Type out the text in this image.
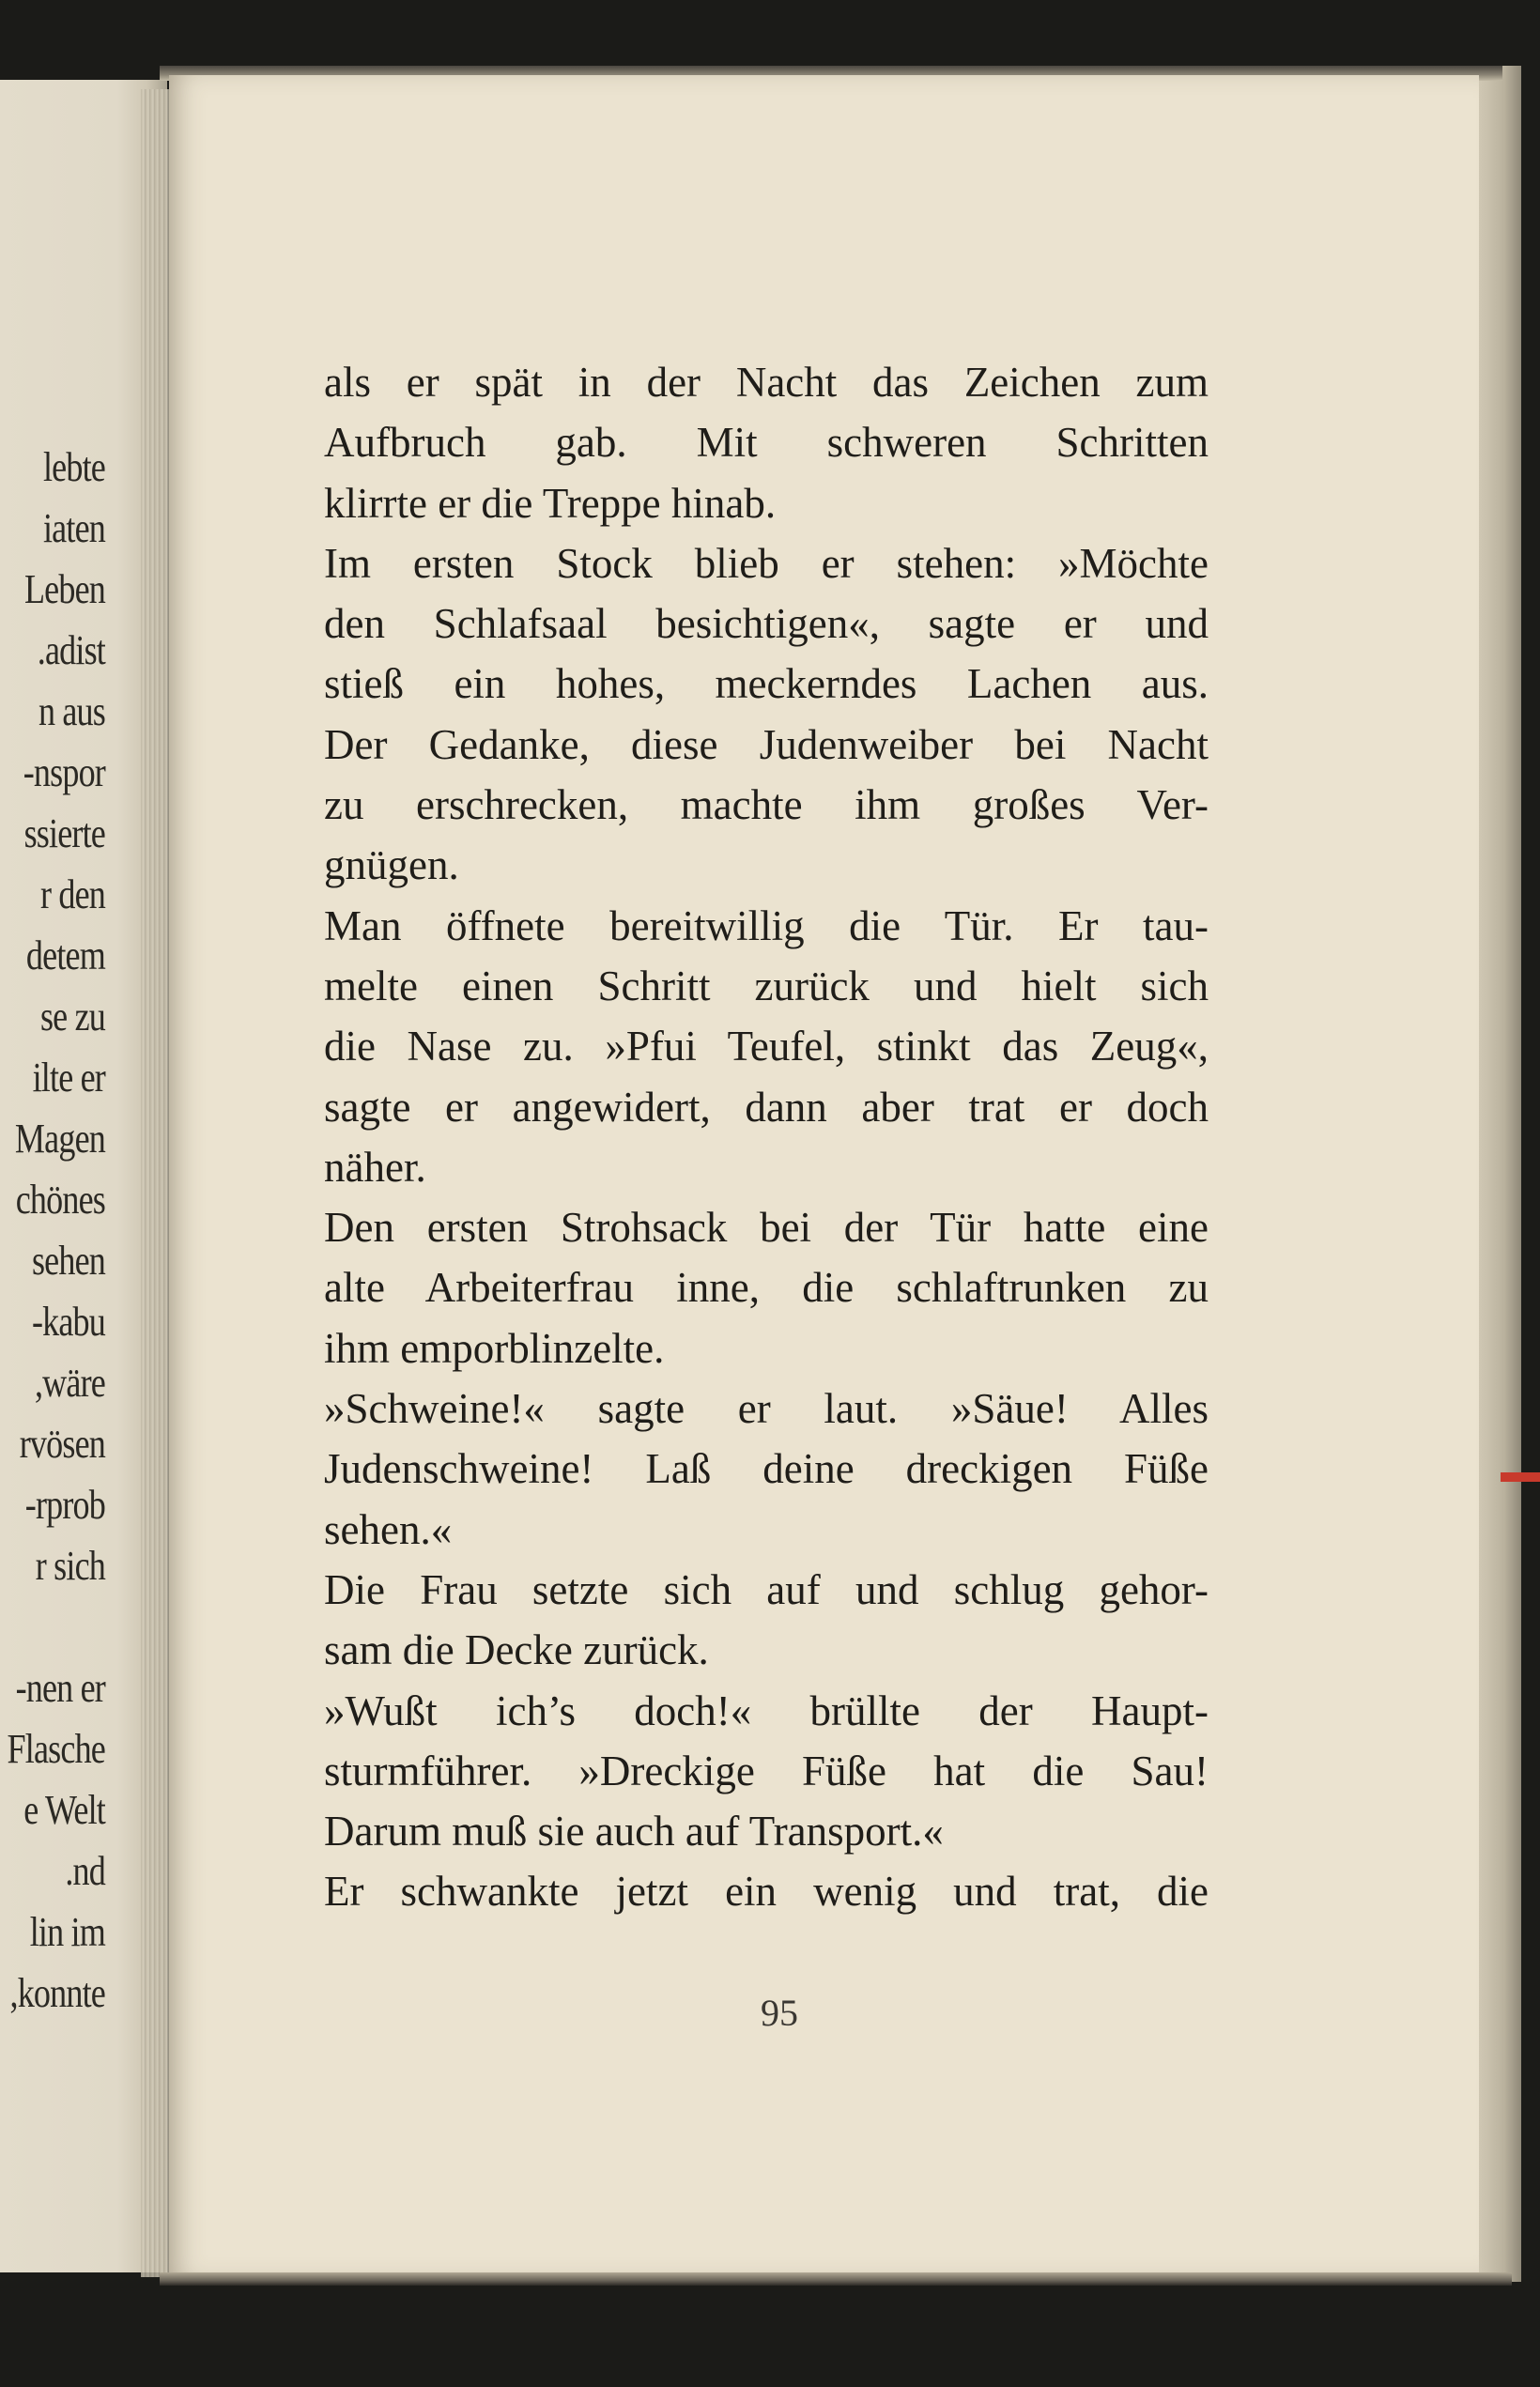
lebte
iaten
Leben
adist.
n aus
nspor-
ssierte
r den
detem
se zu
ilte er
Magen
chönes
sehen
kabu-
wäre,
rvösen
rprob-
r sich

nen er-
Flasche
e Welt
nd.
lin im
konnte,
als er spät in der Nacht das Zeichen zum
Aufbruch gab. Mit schweren Schritten
klirrte er die Treppe hinab.
Im ersten Stock blieb er stehen: »Möchte
den Schlafsaal besichtigen«, sagte er und
stieß ein hohes, meckerndes Lachen aus.
Der Gedanke, diese Judenweiber bei Nacht
zu erschrecken, machte ihm großes Ver-
gnügen.
Man öffnete bereitwillig die Tür. Er tau-
melte einen Schritt zurück und hielt sich
die Nase zu. »Pfui Teufel, stinkt das Zeug«,
sagte er angewidert, dann aber trat er doch
näher.
Den ersten Strohsack bei der Tür hatte eine
alte Arbeiterfrau inne, die schlaftrunken zu
ihm emporblinzelte.
»Schweine!« sagte er laut. »Säue! Alles
Judenschweine! Laß deine dreckigen Füße
sehen.«
Die Frau setzte sich auf und schlug gehor-
sam die Decke zurück.
»Wußt ich’s doch!« brüllte der Haupt-
sturmführer. »Dreckige Füße hat die Sau!
Darum muß sie auch auf Transport.«
Er schwankte jetzt ein wenig und trat, die
95
